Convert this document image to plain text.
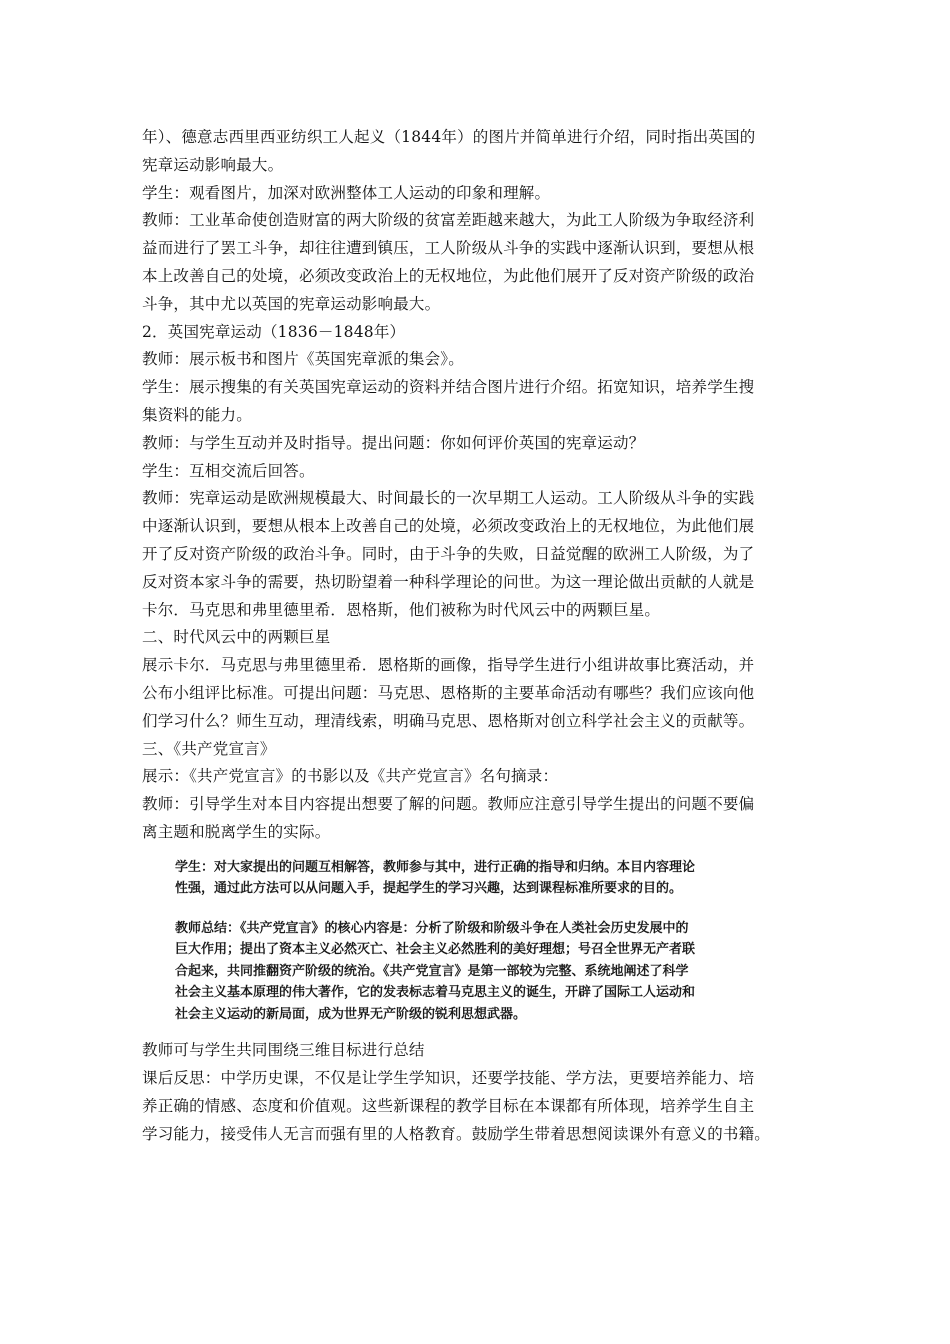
年）、德意志西里西亚纺织工人起义（1844年）的图片并简单进行介绍，同时指出英国的
宪章运动影响最大。
学生：观看图片，加深对欧洲整体工人运动的印象和理解。
教师：工业革命使创造财富的两大阶级的贫富差距越来越大，为此工人阶级为争取经济利
益而进行了罢工斗争，却往往遭到镇压，工人阶级从斗争的实践中逐渐认识到，要想从根
本上改善自己的处境，必须改变政治上的无权地位，为此他们展开了反对资产阶级的政治
斗争，其中尤以英国的宪章运动影响最大。
2．英国宪章运动（1836－1848年）
教师：展示板书和图片《英国宪章派的集会》。
学生：展示搜集的有关英国宪章运动的资料并结合图片进行介绍。拓宽知识，培养学生搜
集资料的能力。
教师：与学生互动并及时指导。提出问题：你如何评价英国的宪章运动？
学生：互相交流后回答。
教师：宪章运动是欧洲规模最大、时间最长的一次早期工人运动。工人阶级从斗争的实践
中逐渐认识到，要想从根本上改善自己的处境，必须改变政治上的无权地位，为此他们展
开了反对资产阶级的政治斗争。同时，由于斗争的失败，日益觉醒的欧洲工人阶级，为了
反对资本家斗争的需要，热切盼望着一种科学理论的问世。为这一理论做出贡献的人就是
卡尔．马克思和弗里德里希．恩格斯，他们被称为时代风云中的两颗巨星。
二、时代风云中的两颗巨星
展示卡尔．马克思与弗里德里希．恩格斯的画像，指导学生进行小组讲故事比赛活动，并
公布小组评比标准。可提出问题：马克思、恩格斯的主要革命活动有哪些？我们应该向他
们学习什么？师生互动，理清线索，明确马克思、恩格斯对创立科学社会主义的贡献等。
三、《共产党宣言》
展示：《共产党宣言》的书影以及《共产党宣言》名句摘录：
教师：引导学生对本目内容提出想要了解的问题。教师应注意引导学生提出的问题不要偏
离主题和脱离学生的实际。
学生：对大家提出的问题互相解答，教师参与其中，进行正确的指导和归纳。本目内容理论
性强，通过此方法可以从问题入手，提起学生的学习兴趣，达到课程标准所要求的目的。
教师总结：《共产党宣言》的核心内容是：分析了阶级和阶级斗争在人类社会历史发展中的
巨大作用；提出了资本主义必然灭亡、社会主义必然胜利的美好理想；号召全世界无产者联
合起来，共同推翻资产阶级的统治。《共产党宣言》是第一部较为完整、系统地阐述了科学
社会主义基本原理的伟大著作，它的发表标志着马克思主义的诞生，开辟了国际工人运动和
社会主义运动的新局面，成为世界无产阶级的锐利思想武器。
教师可与学生共同围绕三维目标进行总结
课后反思：中学历史课，不仅是让学生学知识，还要学技能、学方法，更要培养能力、培
养正确的情感、态度和价值观。这些新课程的教学目标在本课都有所体现，培养学生自主
学习能力，接受伟人无言而强有里的人格教育。鼓励学生带着思想阅读课外有意义的书籍。
